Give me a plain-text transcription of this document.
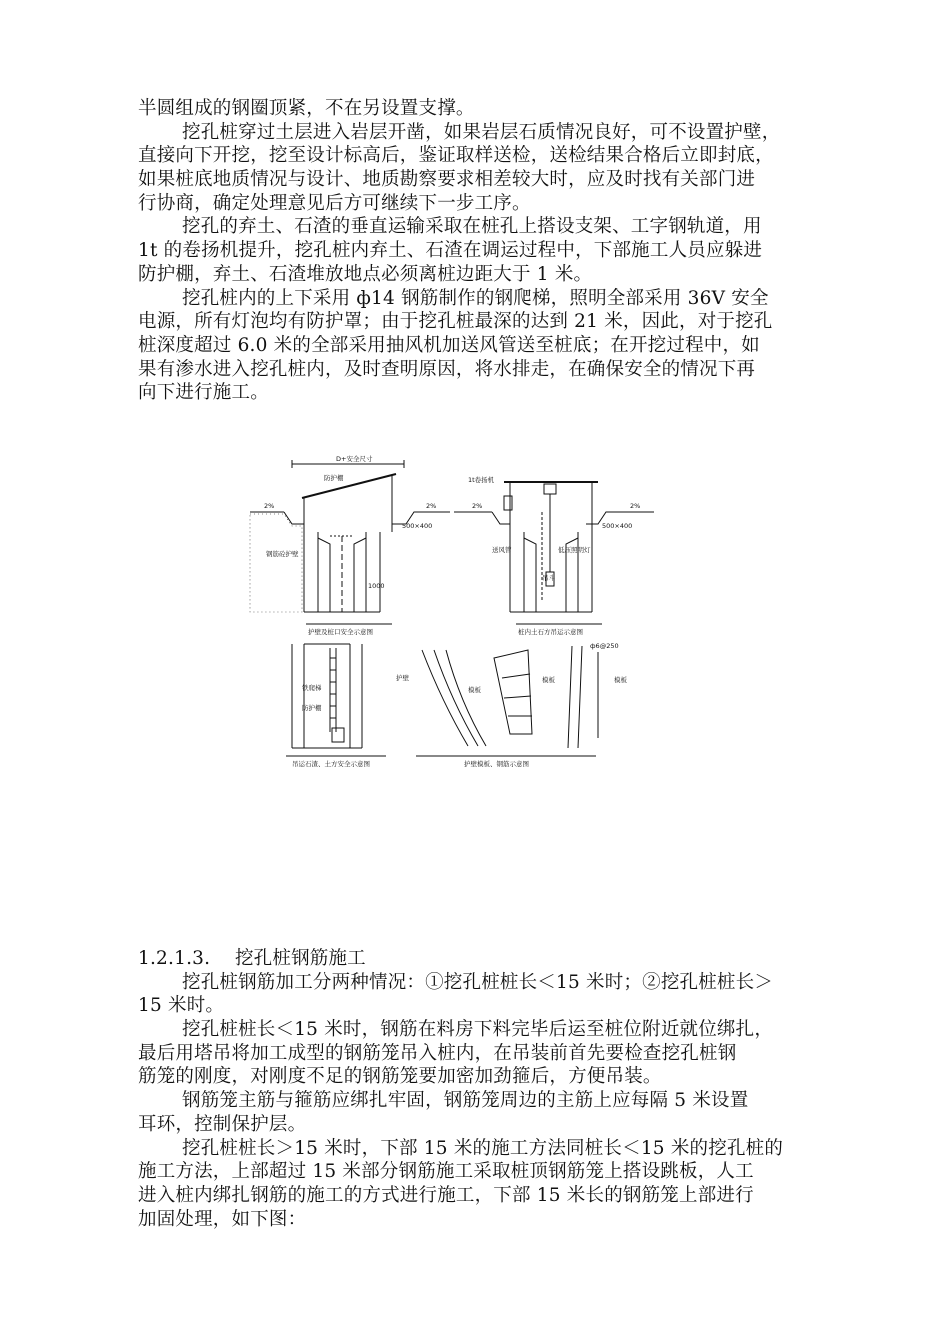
半圆组成的钢圈顶紧，不在另设置支撑。
挖孔桩穿过土层进入岩层开凿，如果岩层石质情况良好，可不设置护壁，
直接向下开挖，挖至设计标高后，鉴证取样送检，送检结果合格后立即封底，
如果桩底地质情况与设计、地质勘察要求相差较大时，应及时找有关部门进
行协商，确定处理意见后方可继续下一步工序。
挖孔的弃土、石渣的垂直运输采取在桩孔上搭设支架、工字钢轨道，用
1t 的卷扬机提升，挖孔桩内弃土、石渣在调运过程中，下部施工人员应躲进
防护棚，弃土、石渣堆放地点必须离桩边距大于 1 米。
挖孔桩内的上下采用 ф14 钢筋制作的钢爬梯，照明全部采用 36V 安全
电源，所有灯泡均有防护罩；由于挖孔桩最深的达到 21 米，因此，对于挖孔
桩深度超过 6.0 米的全部采用抽风机加送风管送至桩底；在开挖过程中，如
果有渗水进入挖孔桩内，及时查明原因，将水排走，在确保安全的情况下再
向下进行施工。
D+安全尺寸
防护棚
2%	2%
500×400
钢筋砼护壁
1000
护壁及桩口安全示意图
1t卷扬机
2%	2%
500×400
送风管	低压照明灯
吊斗
桩内土石方吊运示意图
铁爬梯
防护棚
吊运石渣、土方安全示意图
护壁
模板
模板	模板
ф6@250
护壁模板、钢筋示意图
1.2.1.3.　 挖孔桩钢筋施工
挖孔桩钢筋加工分两种情况：①挖孔桩桩长＜15 米时；②挖孔桩桩长＞
15 米时。
挖孔桩桩长＜15 米时，钢筋在料房下料完毕后运至桩位附近就位绑扎，
最后用塔吊将加工成型的钢筋笼吊入桩内，在吊装前首先要检查挖孔桩钢
筋笼的刚度，对刚度不足的钢筋笼要加密加劲箍后，方便吊装。
钢筋笼主筋与箍筋应绑扎牢固，钢筋笼周边的主筋上应每隔 5 米设置
耳环，控制保护层。
挖孔桩桩长＞15 米时，下部 15 米的施工方法同桩长＜15 米的挖孔桩的
施工方法，上部超过 15 米部分钢筋施工采取桩顶钢筋笼上搭设跳板，人工
进入桩内绑扎钢筋的施工的方式进行施工，下部 15 米长的钢筋笼上部进行
加固处理，如下图：
